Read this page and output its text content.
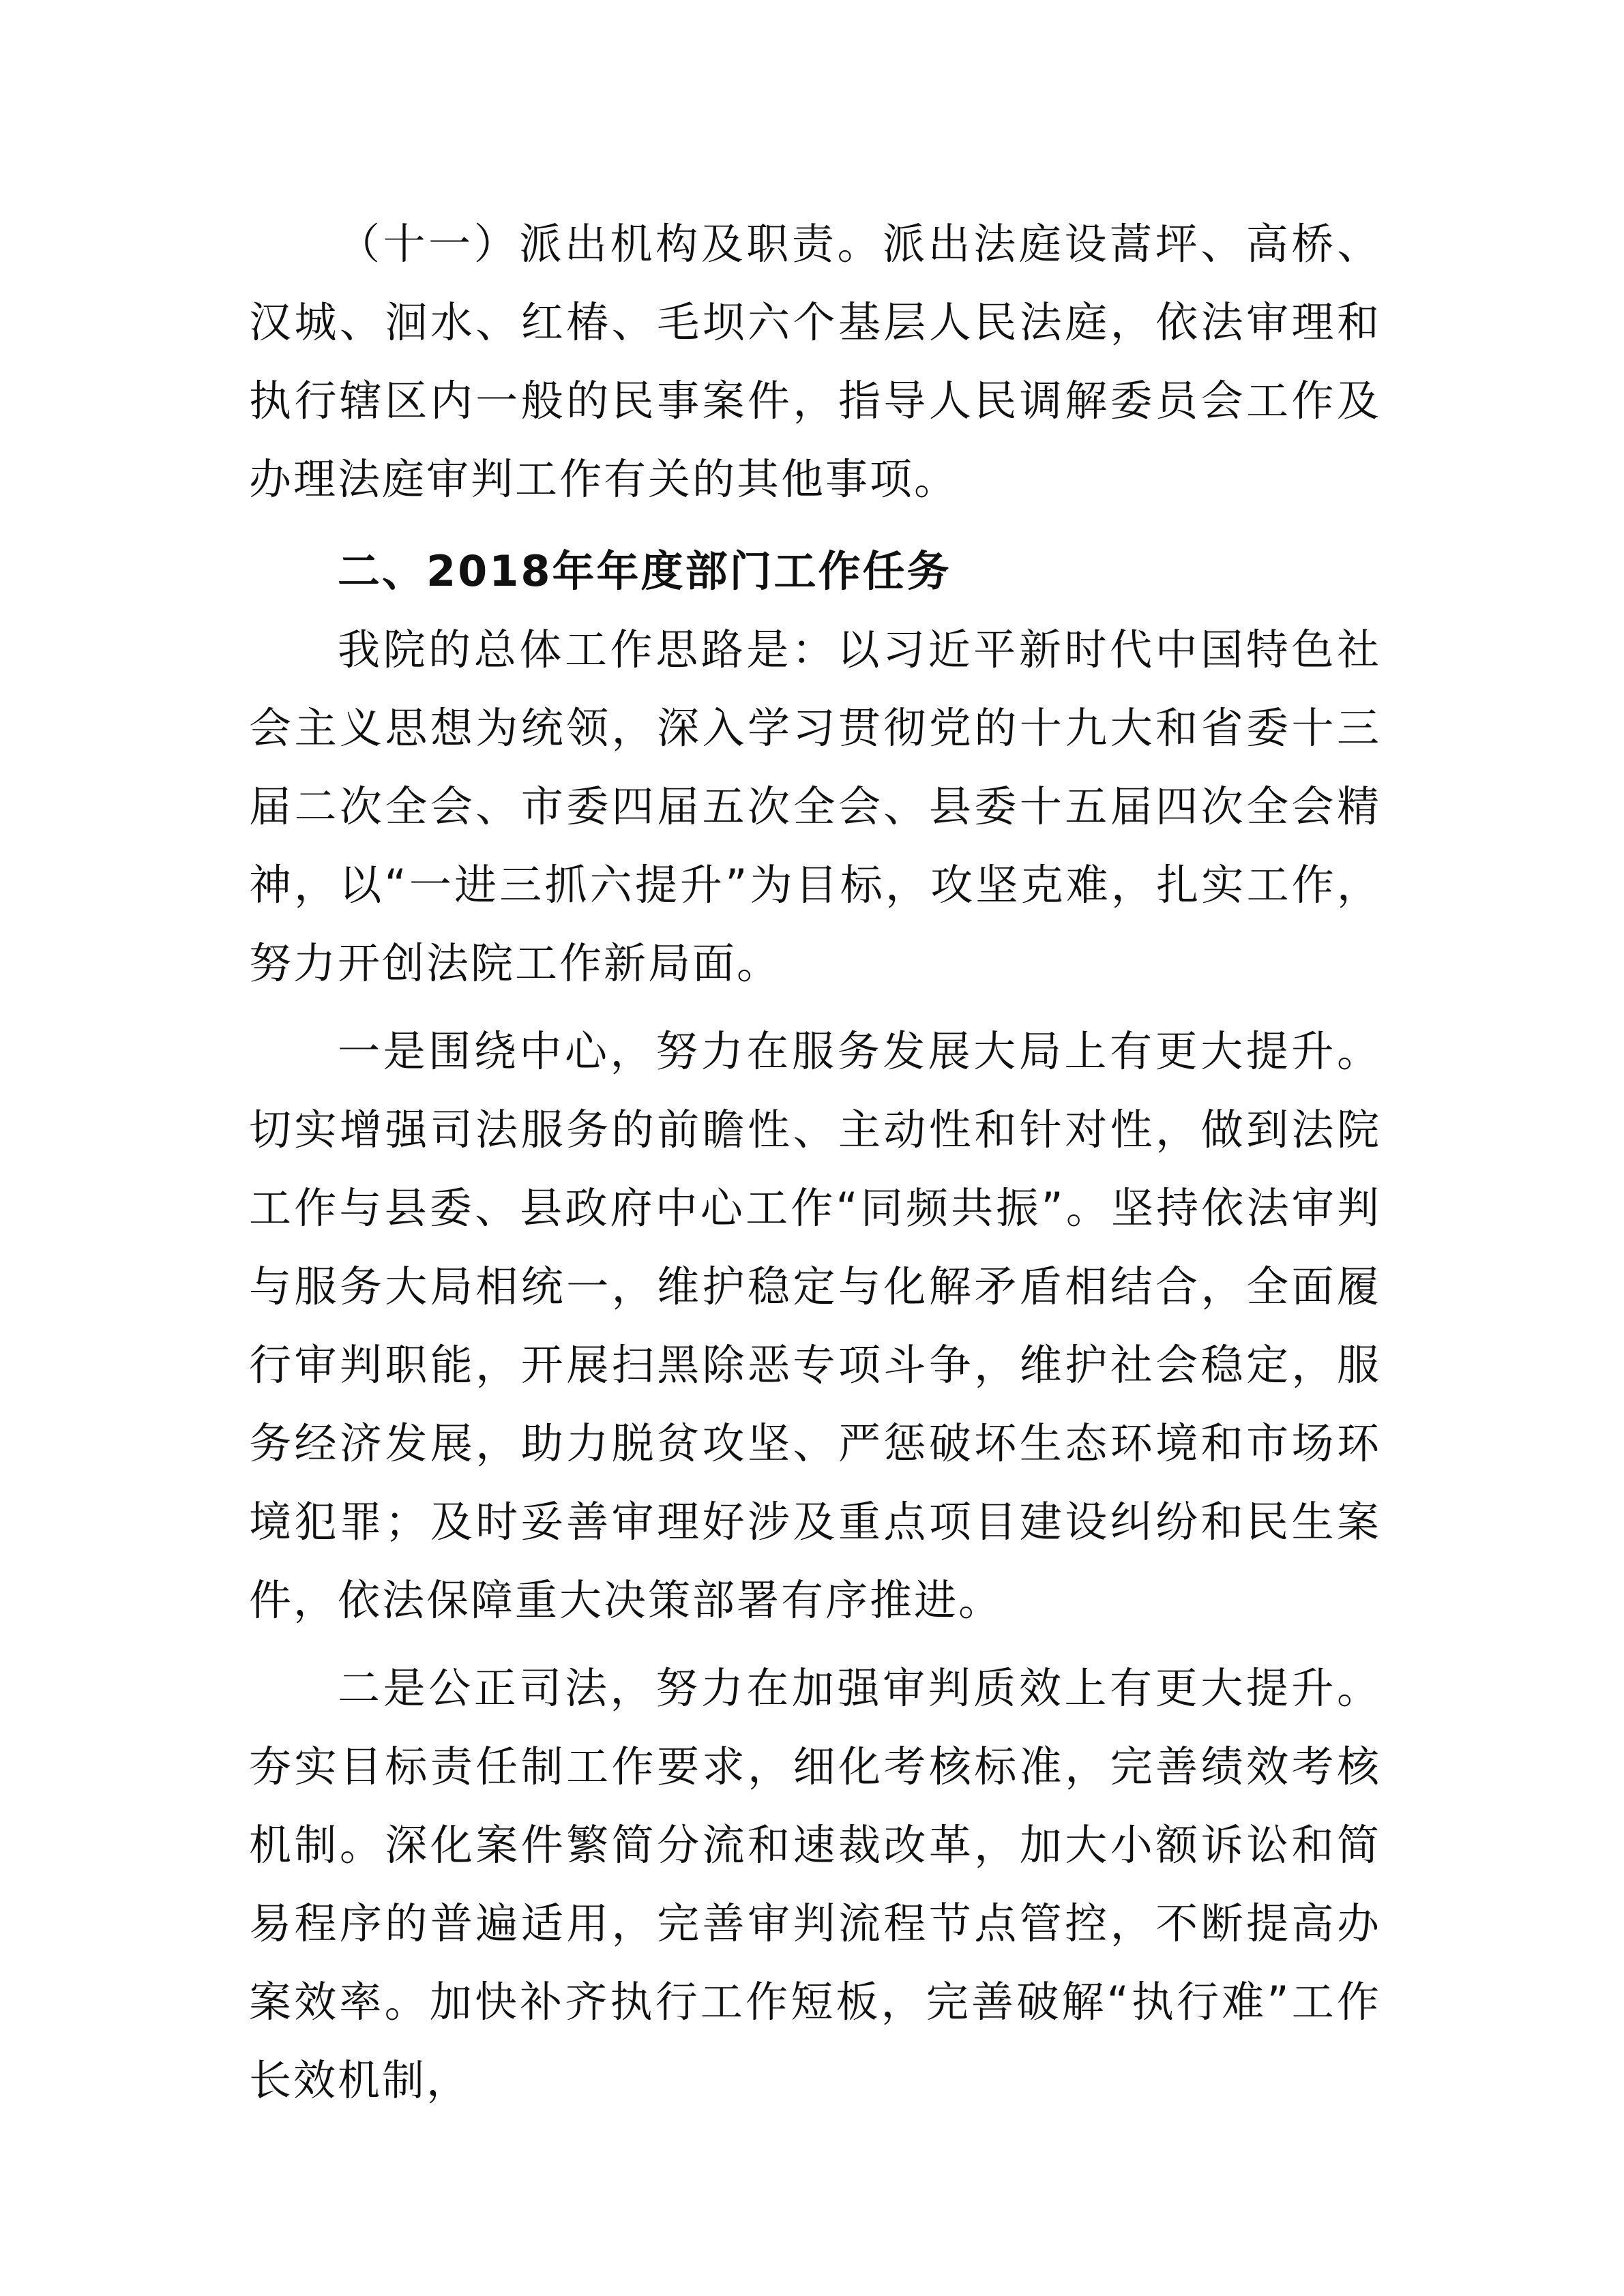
（十一）派出机构及职责。派出法庭设蒿坪、高桥、汉城、洄水、红椿、毛坝六个基层人民法庭，依法审理和执行辖区内一般的民事案件，指导人民调解委员会工作及办理法庭审判工作有关的其他事项。

二、2018年年度部门工作任务

我院的总体工作思路是：以习近平新时代中国特色社会主义思想为统领，深入学习贯彻党的十九大和省委十三届二次全会、市委四届五次全会、县委十五届四次全会精神，以“一进三抓六提升”为目标，攻坚克难，扎实工作，努力开创法院工作新局面。

一是围绕中心，努力在服务发展大局上有更大提升。切实增强司法服务的前瞻性、主动性和针对性，做到法院工作与县委、县政府中心工作“同频共振”。坚持依法审判与服务大局相统一，维护稳定与化解矛盾相结合，全面履行审判职能，开展扫黑除恶专项斗争，维护社会稳定，服务经济发展，助力脱贫攻坚、严惩破坏生态环境和市场环境犯罪；及时妥善审理好涉及重点项目建设纠纷和民生案件，依法保障重大决策部署有序推进。

二是公正司法，努力在加强审判质效上有更大提升。夯实目标责任制工作要求，细化考核标准，完善绩效考核机制。深化案件繁简分流和速裁改革，加大小额诉讼和简易程序的普遍适用，完善审判流程节点管控，不断提高办案效率。加快补齐执行工作短板，完善破解“执行难”工作长效机制，
